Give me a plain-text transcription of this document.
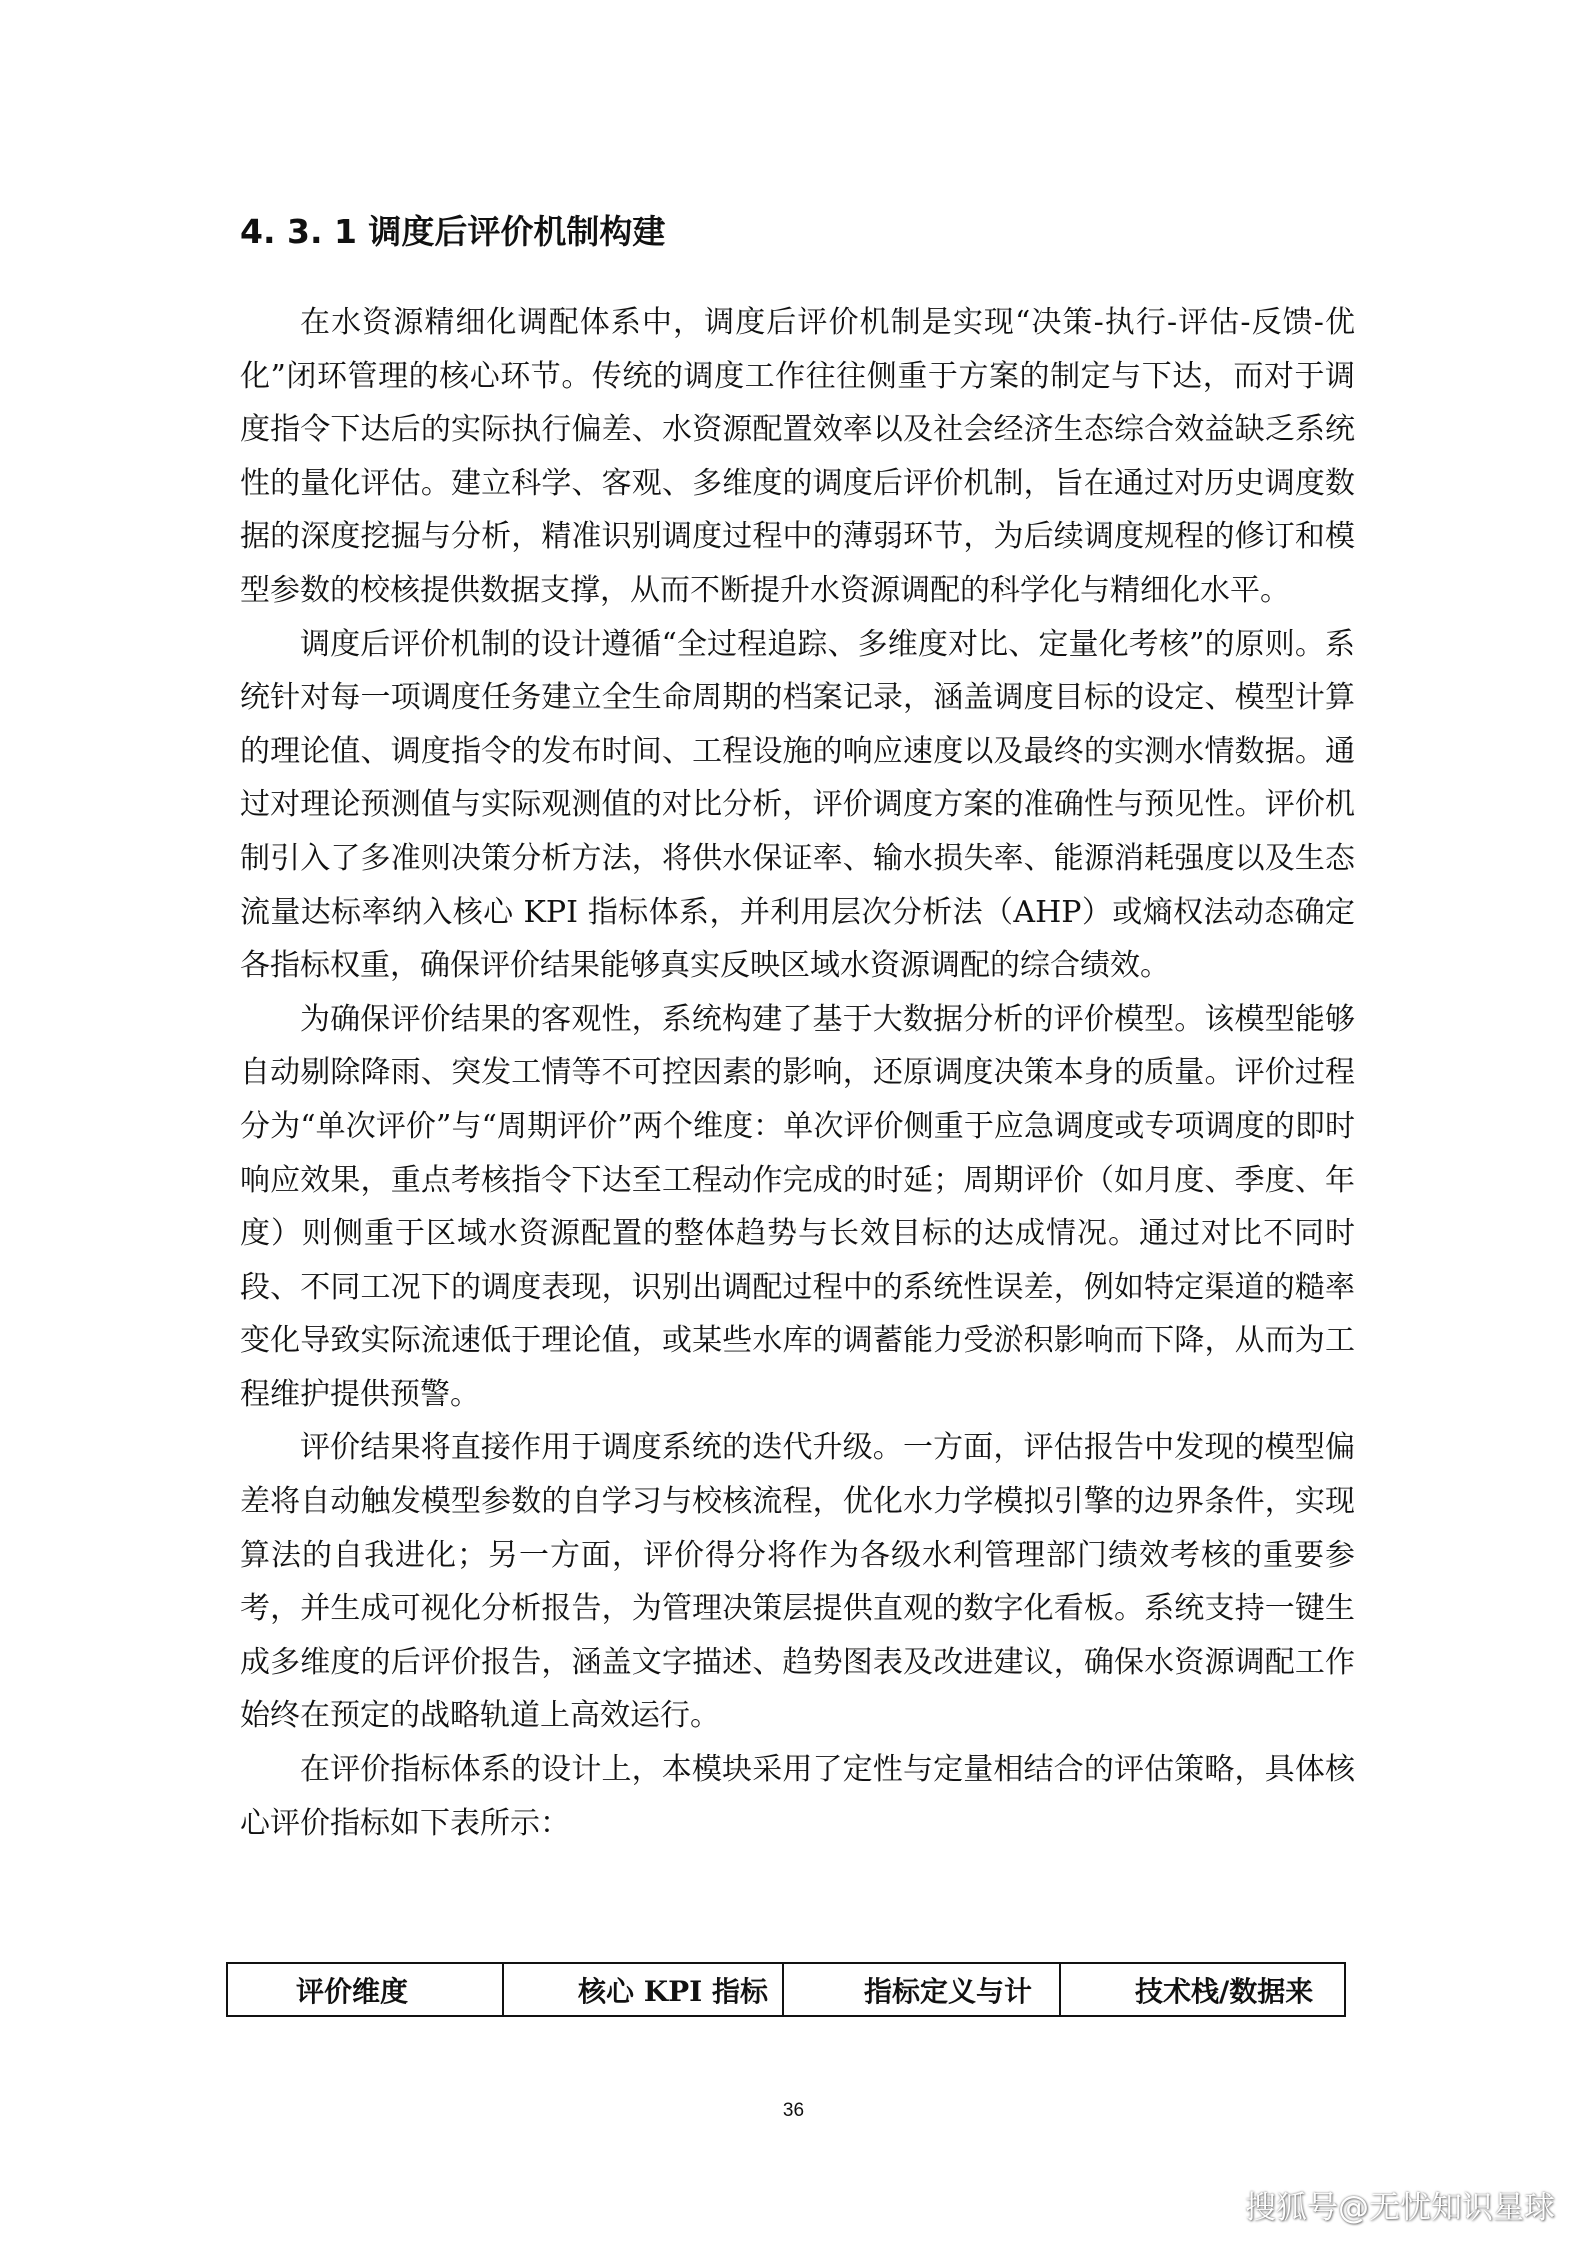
4. 3. 1 调度后评价机制构建

在水资源精细化调配体系中，调度后评价机制是实现“决策-执行-评估-反馈-优化”闭环管理的核心环节。传统的调度工作往往侧重于方案的制定与下达，而对于调度指令下达后的实际执行偏差、水资源配置效率以及社会经济生态综合效益缺乏系统性的量化评估。建立科学、客观、多维度的调度后评价机制，旨在通过对历史调度数据的深度挖掘与分析，精准识别调度过程中的薄弱环节，为后续调度规程的修订和模型参数的校核提供数据支撑，从而不断提升水资源调配的科学化与精细化水平。

调度后评价机制的设计遵循“全过程追踪、多维度对比、定量化考核”的原则。系统针对每一项调度任务建立全生命周期的档案记录，涵盖调度目标的设定、模型计算的理论值、调度指令的发布时间、工程设施的响应速度以及最终的实测水情数据。通过对理论预测值与实际观测值的对比分析，评价调度方案的准确性与预见性。评价机制引入了多准则决策分析方法，将供水保证率、输水损失率、能源消耗强度以及生态流量达标率纳入核心 KPI 指标体系，并利用层次分析法（AHP）或熵权法动态确定各指标权重，确保评价结果能够真实反映区域水资源调配的综合绩效。

为确保评价结果的客观性，系统构建了基于大数据分析的评价模型。该模型能够自动剔除降雨、突发工情等不可控因素的影响，还原调度决策本身的质量。评价过程分为“单次评价”与“周期评价”两个维度：单次评价侧重于应急调度或专项调度的即时响应效果，重点考核指令下达至工程动作完成的时延；周期评价（如月度、季度、年度）则侧重于区域水资源配置的整体趋势与长效目标的达成情况。通过对比不同时段、不同工况下的调度表现，识别出调配过程中的系统性误差，例如特定渠道的糙率变化导致实际流速低于理论值，或某些水库的调蓄能力受淤积影响而下降，从而为工程维护提供预警。

评价结果将直接作用于调度系统的迭代升级。一方面，评估报告中发现的模型偏差将自动触发模型参数的自学习与校核流程，优化水力学模拟引擎的边界条件，实现算法的自我进化；另一方面，评价得分将作为各级水利管理部门绩效考核的重要参考，并生成可视化分析报告，为管理决策层提供直观的数字化看板。系统支持一键生成多维度的后评价报告，涵盖文字描述、趋势图表及改进建议，确保水资源调配工作始终在预定的战略轨道上高效运行。

在评价指标体系的设计上，本模块采用了定性与定量相结合的评估策略，具体核心评价指标如下表所示：

评价维度	核心 KPI 指标	指标定义与计	技术栈/数据来
36
搜狐号@无忧知识星球
